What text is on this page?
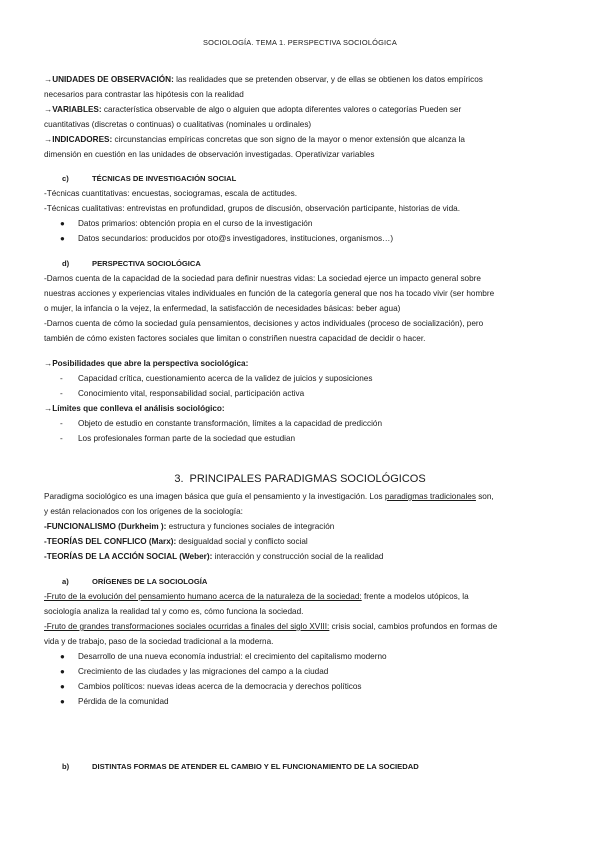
SOCIOLOGÍA. TEMA 1. PERSPECTIVA SOCIOLÓGICA
→UNIDADES DE OBSERVACIÓN: las realidades que se pretenden observar, y de ellas se obtienen los datos empíricos
necesarios para contrastar las hipótesis con la realidad
→VARIABLES: característica observable de algo o alguien que adopta diferentes valores o categorías Pueden ser
cuantitativas (discretas o continuas) o cualitativas (nominales u ordinales)
→INDICADORES: circunstancias empíricas concretas que son signo de la mayor o menor extensión que alcanza la
dimensión en cuestión en las unidades de observación investigadas. Operativizar variables
c)	TÉCNICAS DE INVESTIGACIÓN SOCIAL
-Técnicas cuantitativas: encuestas, sociogramas, escala de actitudes.
-Técnicas cualitativas: entrevistas en profundidad, grupos de discusión, observación participante, historias de vida.
● Datos primarios: obtención propia en el curso de la investigación
● Datos secundarios: producidos por oto@s investigadores, instituciones, organismos…)
d)	PERSPECTIVA SOCIOLÓGICA
-Darnos cuenta de la capacidad de la sociedad para definir nuestras vidas: La sociedad ejerce un impacto general sobre
nuestras acciones y experiencias vitales individuales en función de la categoría general que nos ha tocado vivir (ser hombre
o mujer, la infancia o la vejez, la enfermedad, la satisfacción de necesidades básicas: beber agua)
-Darnos cuenta de cómo la sociedad guía pensamientos, decisiones y actos individuales (proceso de socialización), pero
también de cómo existen factores sociales que limitan o constriñen nuestra capacidad de decidir o hacer.
→Posibilidades que abre la perspectiva sociológica:
- Capacidad crítica, cuestionamiento acerca de la validez de juicios y suposiciones
- Conocimiento vital, responsabilidad social, participación activa
→Límites que conlleva el análisis sociológico:
- Objeto de estudio en constante transformación, límites a la capacidad de predicción
- Los profesionales forman parte de la sociedad que estudian
3. PRINCIPALES PARADIGMAS SOCIOLÓGICOS
Paradigma sociológico es una imagen básica que guía el pensamiento y la investigación. Los paradigmas tradicionales son,
y están relacionados con los orígenes de la sociología:
-FUNCIONALISMO (Durkheim ): estructura y funciones sociales de integración
-TEORÍAS DEL CONFLICO (Marx): desigualdad social y conflicto social
-TEORÍAS DE LA ACCIÓN SOCIAL (Weber): interacción y construcción social de la realidad
a)	ORÍGENES DE LA SOCIOLOGÍA
-Fruto de la evolución del pensamiento humano acerca de la naturaleza de la sociedad: frente a modelos utópicos, la
sociología analiza la realidad tal y como es, cómo funciona la sociedad.
-Fruto de grandes transformaciones sociales ocurridas a finales del siglo XVIII: crisis social, cambios profundos en formas de
vida y de trabajo, paso de la sociedad tradicional a la moderna.
● Desarrollo de una nueva economía industrial: el crecimiento del capitalismo moderno
● Crecimiento de las ciudades y las migraciones del campo a la ciudad
● Cambios políticos: nuevas ideas acerca de la democracia y derechos políticos
● Pérdida de la comunidad
b)	DISTINTAS FORMAS DE ATENDER EL CAMBIO Y EL FUNCIONAMIENTO DE LA SOCIEDAD
